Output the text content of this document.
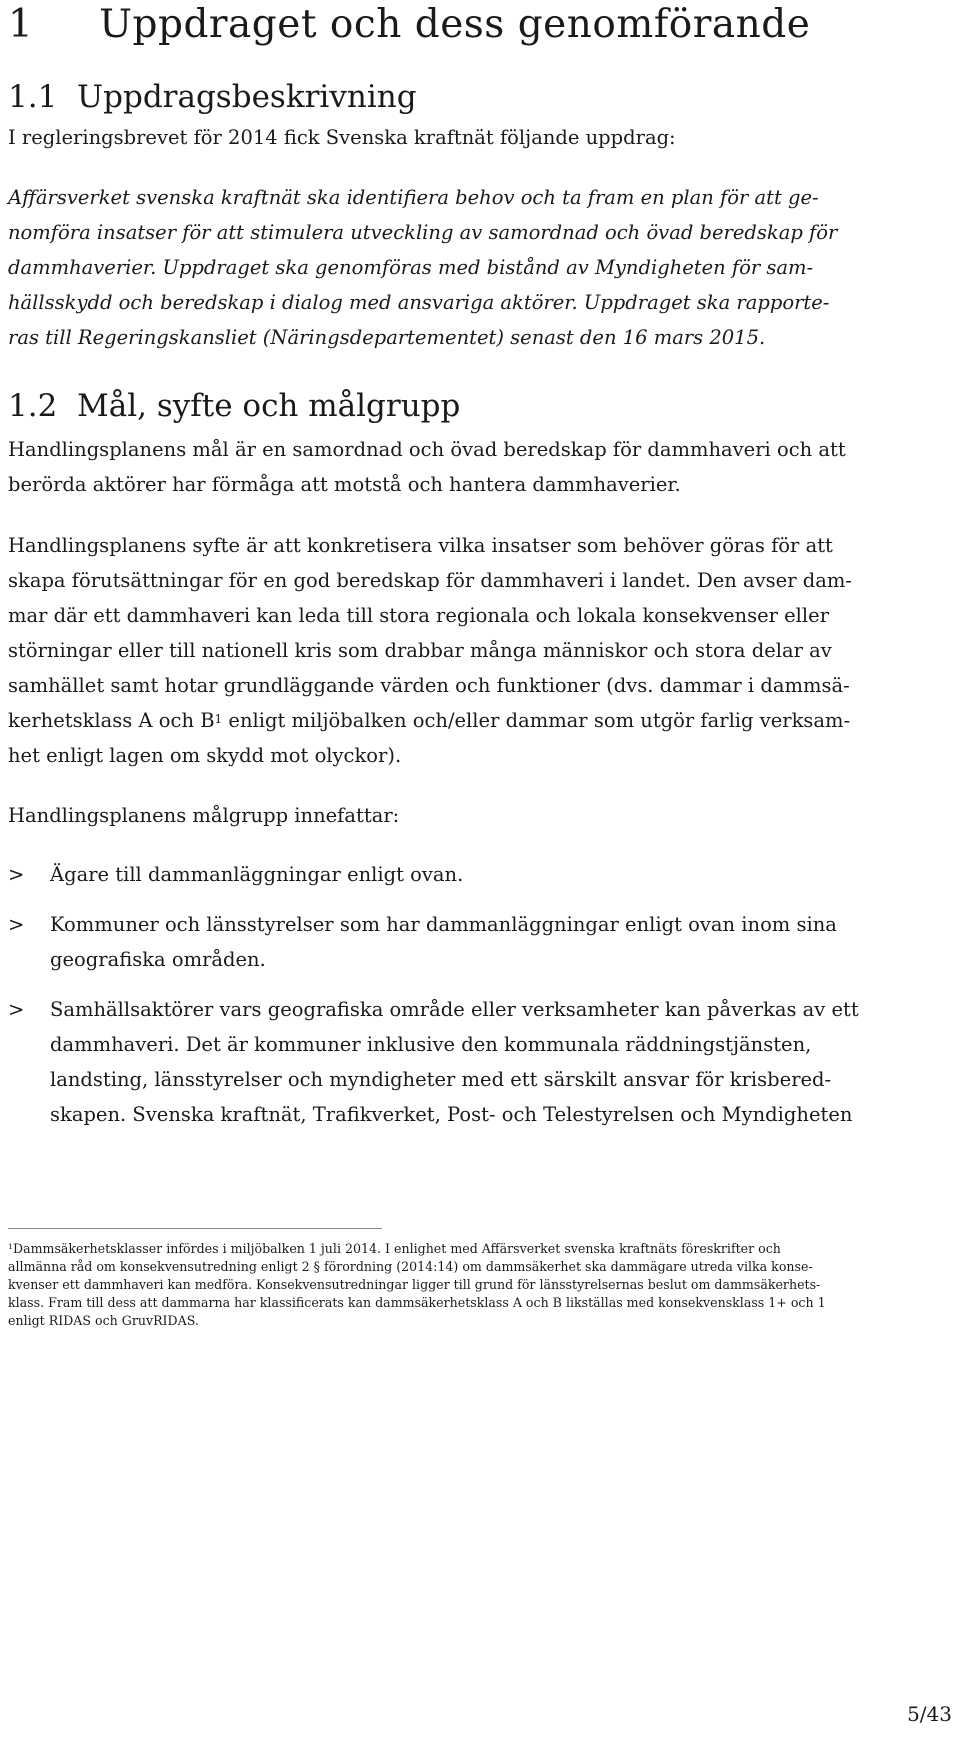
1 Uppdraget och dess genomförande
1.1  Uppdragsbeskrivning
I regleringsbrevet för 2014 fick Svenska kraftnät följande uppdrag:
Affärsverket svenska kraftnät ska identifiera behov och ta fram en plan för att ge-
nomföra insatser för att stimulera utveckling av samordnad och övad beredskap för
dammhaverier. Uppdraget ska genomföras med bistånd av Myndigheten för sam-
hällsskydd och beredskap i dialog med ansvariga aktörer. Uppdraget ska rapporte-
ras till Regeringskansliet (Näringsdepartementet) senast den 16 mars 2015.
1.2  Mål, syfte och målgrupp
Handlingsplanens mål är en samordnad och övad beredskap för dammhaveri och att
berörda aktörer har förmåga att motstå och hantera dammhaverier.
Handlingsplanens syfte är att konkretisera vilka insatser som behöver göras för att
skapa förutsättningar för en god beredskap för dammhaveri i landet. Den avser dam-
mar där ett dammhaveri kan leda till stora regionala och lokala konsekvenser eller
störningar eller till nationell kris som drabbar många människor och stora delar av
samhället samt hotar grundläggande värden och funktioner (dvs. dammar i dammsä-
kerhetsklass A och $B^1$ enligt miljöbalken och/eller dammar som utgör farlig verksam-
het enligt lagen om skydd mot olyckor).
Handlingsplanens målgrupp innefattar:
> Ägare till dammanläggningar enligt ovan.
> Kommuner och länsstyrelser som har dammanläggningar enligt ovan inom sina
geografiska områden.
> Samhällsaktörer vars geografiska område eller verksamheter kan påverkas av ett
dammhaveri. Det är kommuner inklusive den kommunala räddningstjänsten,
landsting, länsstyrelser och myndigheter med ett särskilt ansvar för krisbered-
skapen. Svenska kraftnät, Trafikverket, Post- och Telestyrelsen och Myndigheten
$^1$Dammsäkerhetsklasser infördes i miljöbalken 1 juli 2014. I enlighet med Affärsverket svenska kraftnäts föreskrifter och
allmänna råd om konsekvensutredning enligt 2 § förordning (2014:14) om dammsäkerhet ska dammägare utreda vilka konse-
kvenser ett dammhaveri kan medföra. Konsekvensutredningar ligger till grund för länsstyrelsernas beslut om dammsäkerhets-
klass. Fram till dess att dammarna har klassificerats kan dammsäkerhetsklass A och B likställas med konsekvensklass 1+ och 1
enligt RIDAS och GruvRIDAS.
5/43
